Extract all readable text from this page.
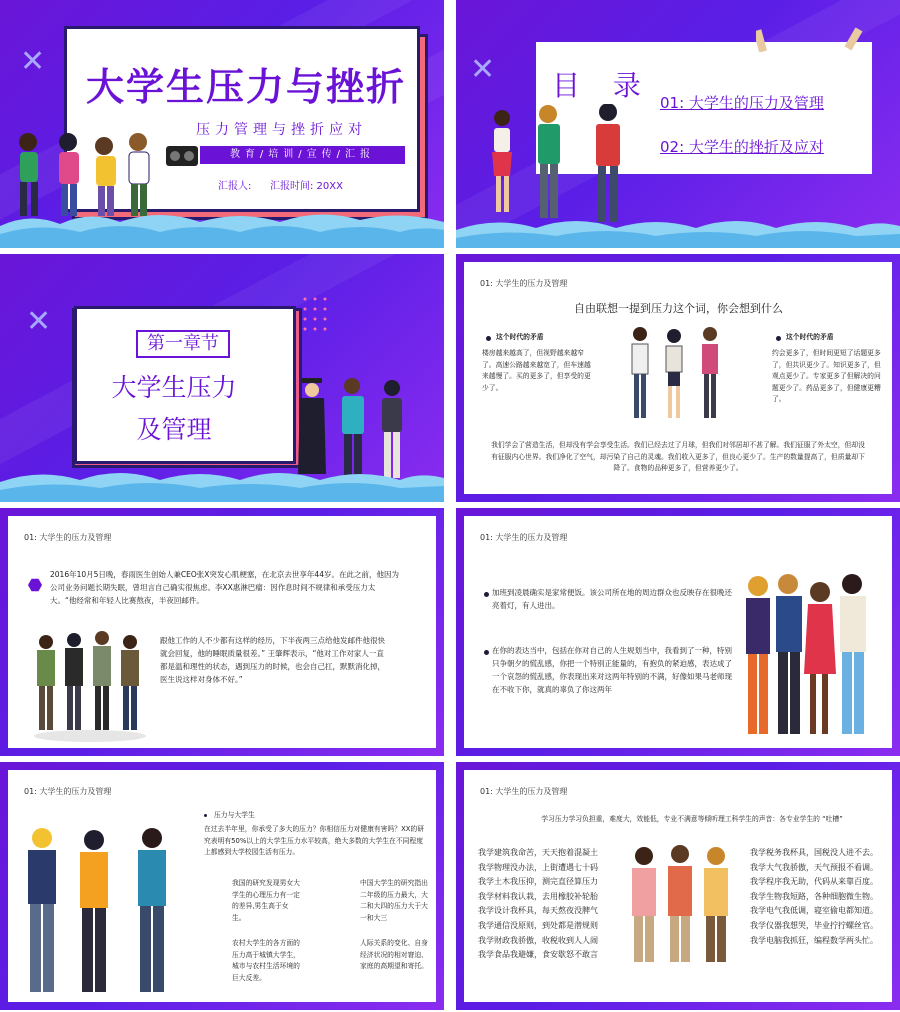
✕
大学生压力与挫折
压力管理与挫折应对
教育/培训/宣传/汇报
汇报人: 汇报时间: 20XX
✕ 目 录
01: 大学生的压力及管理
02: 大学生的挫折及应对
✕
第一章节
大学生压力
及管理
01: 大学生的压力及管理
自由联想一提到压力这个词，你会想到什么
这个时代的矛盾
楼房越来越高了，但视野越来越窄了。高速公路越来越宽了，但车速越来越慢了。买的更多了，但享受的更少了。
这个时代的矛盾
约会更多了，但时间更短了话题更多了，但共识更少了。知识更多了，但观点更少了。专家更多了但解决的问题更少了。药品更多了，但健康更糟了。
我们学会了营造生活，但却没有学会享受生活。我们已经去过了月球，但我们对邻居却不甚了解。我们征服了外太空，但却没有征服内心世界。我们净化了空气，却污染了自己的灵魂。我们收入更多了，但良心更少了。生产的数量提高了，但质量却下降了。食物的品种更多了，但营养更少了。
01: 大学生的压力及管理
2016年10月5日晚，春雨医生创始人兼CEO张X突发心肌梗塞，在北京去世享年44岁。在此之前，他因为公司业务问题长期失眠，曾坦言自己确实很焦虑。李XX惠淋巴瘤：因作息时间不规律和承受压力太大。“他经常和年轻人比赛熬夜，半夜回邮件。
跟他工作的人不少都有这样的经历，下半夜两三点给他发邮件他很快就会回复，他的睡眠质量很差。” 王肇辉表示，“他对工作对家人一直都是温和理性的状态，遇到压力的时候，也会自己扛，默默消化掉，医生说这样对身体不好。”
01: 大学生的压力及管理
加班到凌晨确实是家常便饭。该公司所在地的周边群众也反映存在很晚还亮着灯，有人进出。
在你的表达当中，包括在你对自己的人生规划当中，我看到了一种，特别只争朝夕的慌乱感，你把一个特别正能量的，有抱负的紧迫感，表达成了一个哀怨的慌乱感，你表现出来对这两年特别的不满，好像如果马老师现在不收下你，就真的辜负了你这两年
01: 大学生的压力及管理
压力与大学生
在过去半年里，你承受了多大的压力？你相信压力对健康有害吗？XX的研究表明有50%以上的大学生压力水平较高，绝大多数的大学生在不同程度上都感到大学校园生活有压力。
我国的研究发现男女大学生的心理压力有一定的差异,男生高于女生。
中国大学生的研究指出二年级的压力最大，大二和大四的压力大于大一和大三
农村大学生的各方面的压力高于城镇大学生，城市与农村生活环境的巨大反差。
人际关系的变化、自身经济状况的相对窘迫、家庭的高期望和寄托。
01: 大学生的压力及管理
学习压力学习负担重，难度大，效能低，专业不满意等倾听理工科学生的声音：各专业学生的 “吐槽”
我学建筑我命苦，天天抱着混凝土
我学物理没办法，上街遭遇七十码
我学土木我压抑，测完直径算压力
我学材料我认栽，去用橡胶补轮胎
我学设计我杯具，每天熬夜没脾气
我学通信没原则，到处都是潜规则
我学财政我骄傲，收税收到人人闹
我学食品我避嫌，食安歇怒不敢言
我学税务我杯具，国税没人进不去。
我学大气我骄傲，天气预报不看调。
我学程序我无助，代码从来靠百度。
我学生物我短路，各种细胞微生物。
我学电气我低调，寝室偷电都知道。
我学仪器我想哭，毕业拧拧螺丝官。
我学电脑我抓狂，编程数学两头忙。
